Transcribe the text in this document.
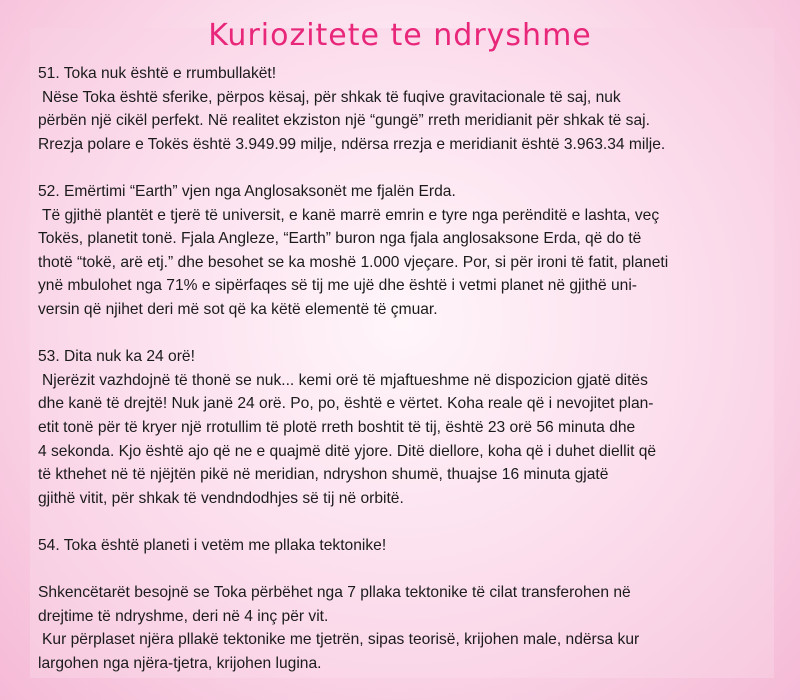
Kuriozitete te ndryshme

51. Toka nuk është e rrumbullakët!

Nëse Toka është sferike, përpos kësaj, për shkak të fuqive gravitacionale të saj, nuk

përbën një cikël perfekt. Në realitet ekziston një “gungë” rreth meridianit për shkak të saj.

Rrezja polare e Tokës është 3.949.99 milje, ndërsa rrezja e meridianit është 3.963.34 milje.

52. Emërtimi “Earth” vjen nga Anglosaksonët me fjalën Erda.

Të gjithë plantët e tjerë të universit, e kanë marrë emrin e tyre nga perënditë e lashta, veç

Tokës, planetit tonë. Fjala Angleze, “Earth” buron nga fjala anglosaksone Erda, që do të

thotë “tokë, arë etj.” dhe besohet se ka moshë 1.000 vjeçare. Por, si për ironi të fatit, planeti

ynë mbulohet nga 71% e sipërfaqes së tij me ujë dhe është i vetmi planet në gjithë uni-

versin që njihet deri më sot që ka këtë elementë të çmuar.

53. Dita nuk ka 24 orë!

Njerëzit vazhdojnë të thonë se nuk... kemi orë të mjaftueshme në dispozicion gjatë ditës

dhe kanë të drejtë! Nuk janë 24 orë. Po, po, është e vërtet. Koha reale që i nevojitet plan-

etit tonë për të kryer një rrotullim të plotë rreth boshtit të tij, është 23 orë 56 minuta dhe

4 sekonda. Kjo është ajo që ne e quajmë ditë yjore. Ditë diellore, koha që i duhet diellit që

të kthehet në të njëjtën pikë në meridian, ndryshon shumë, thuajse 16 minuta gjatë

gjithë vitit, për shkak të vendndodhjes së tij në orbitë.

54. Toka është planeti i vetëm me pllaka tektonike!

Shkencëtarët besojnë se Toka përbëhet nga 7 pllaka tektonike të cilat transferohen në

drejtime të ndryshme, deri në 4 inç për vit.

Kur përplaset njëra pllakë tektonike me tjetrën, sipas teorisë, krijohen male, ndërsa kur

largohen nga njëra-tjetra, krijohen lugina.
